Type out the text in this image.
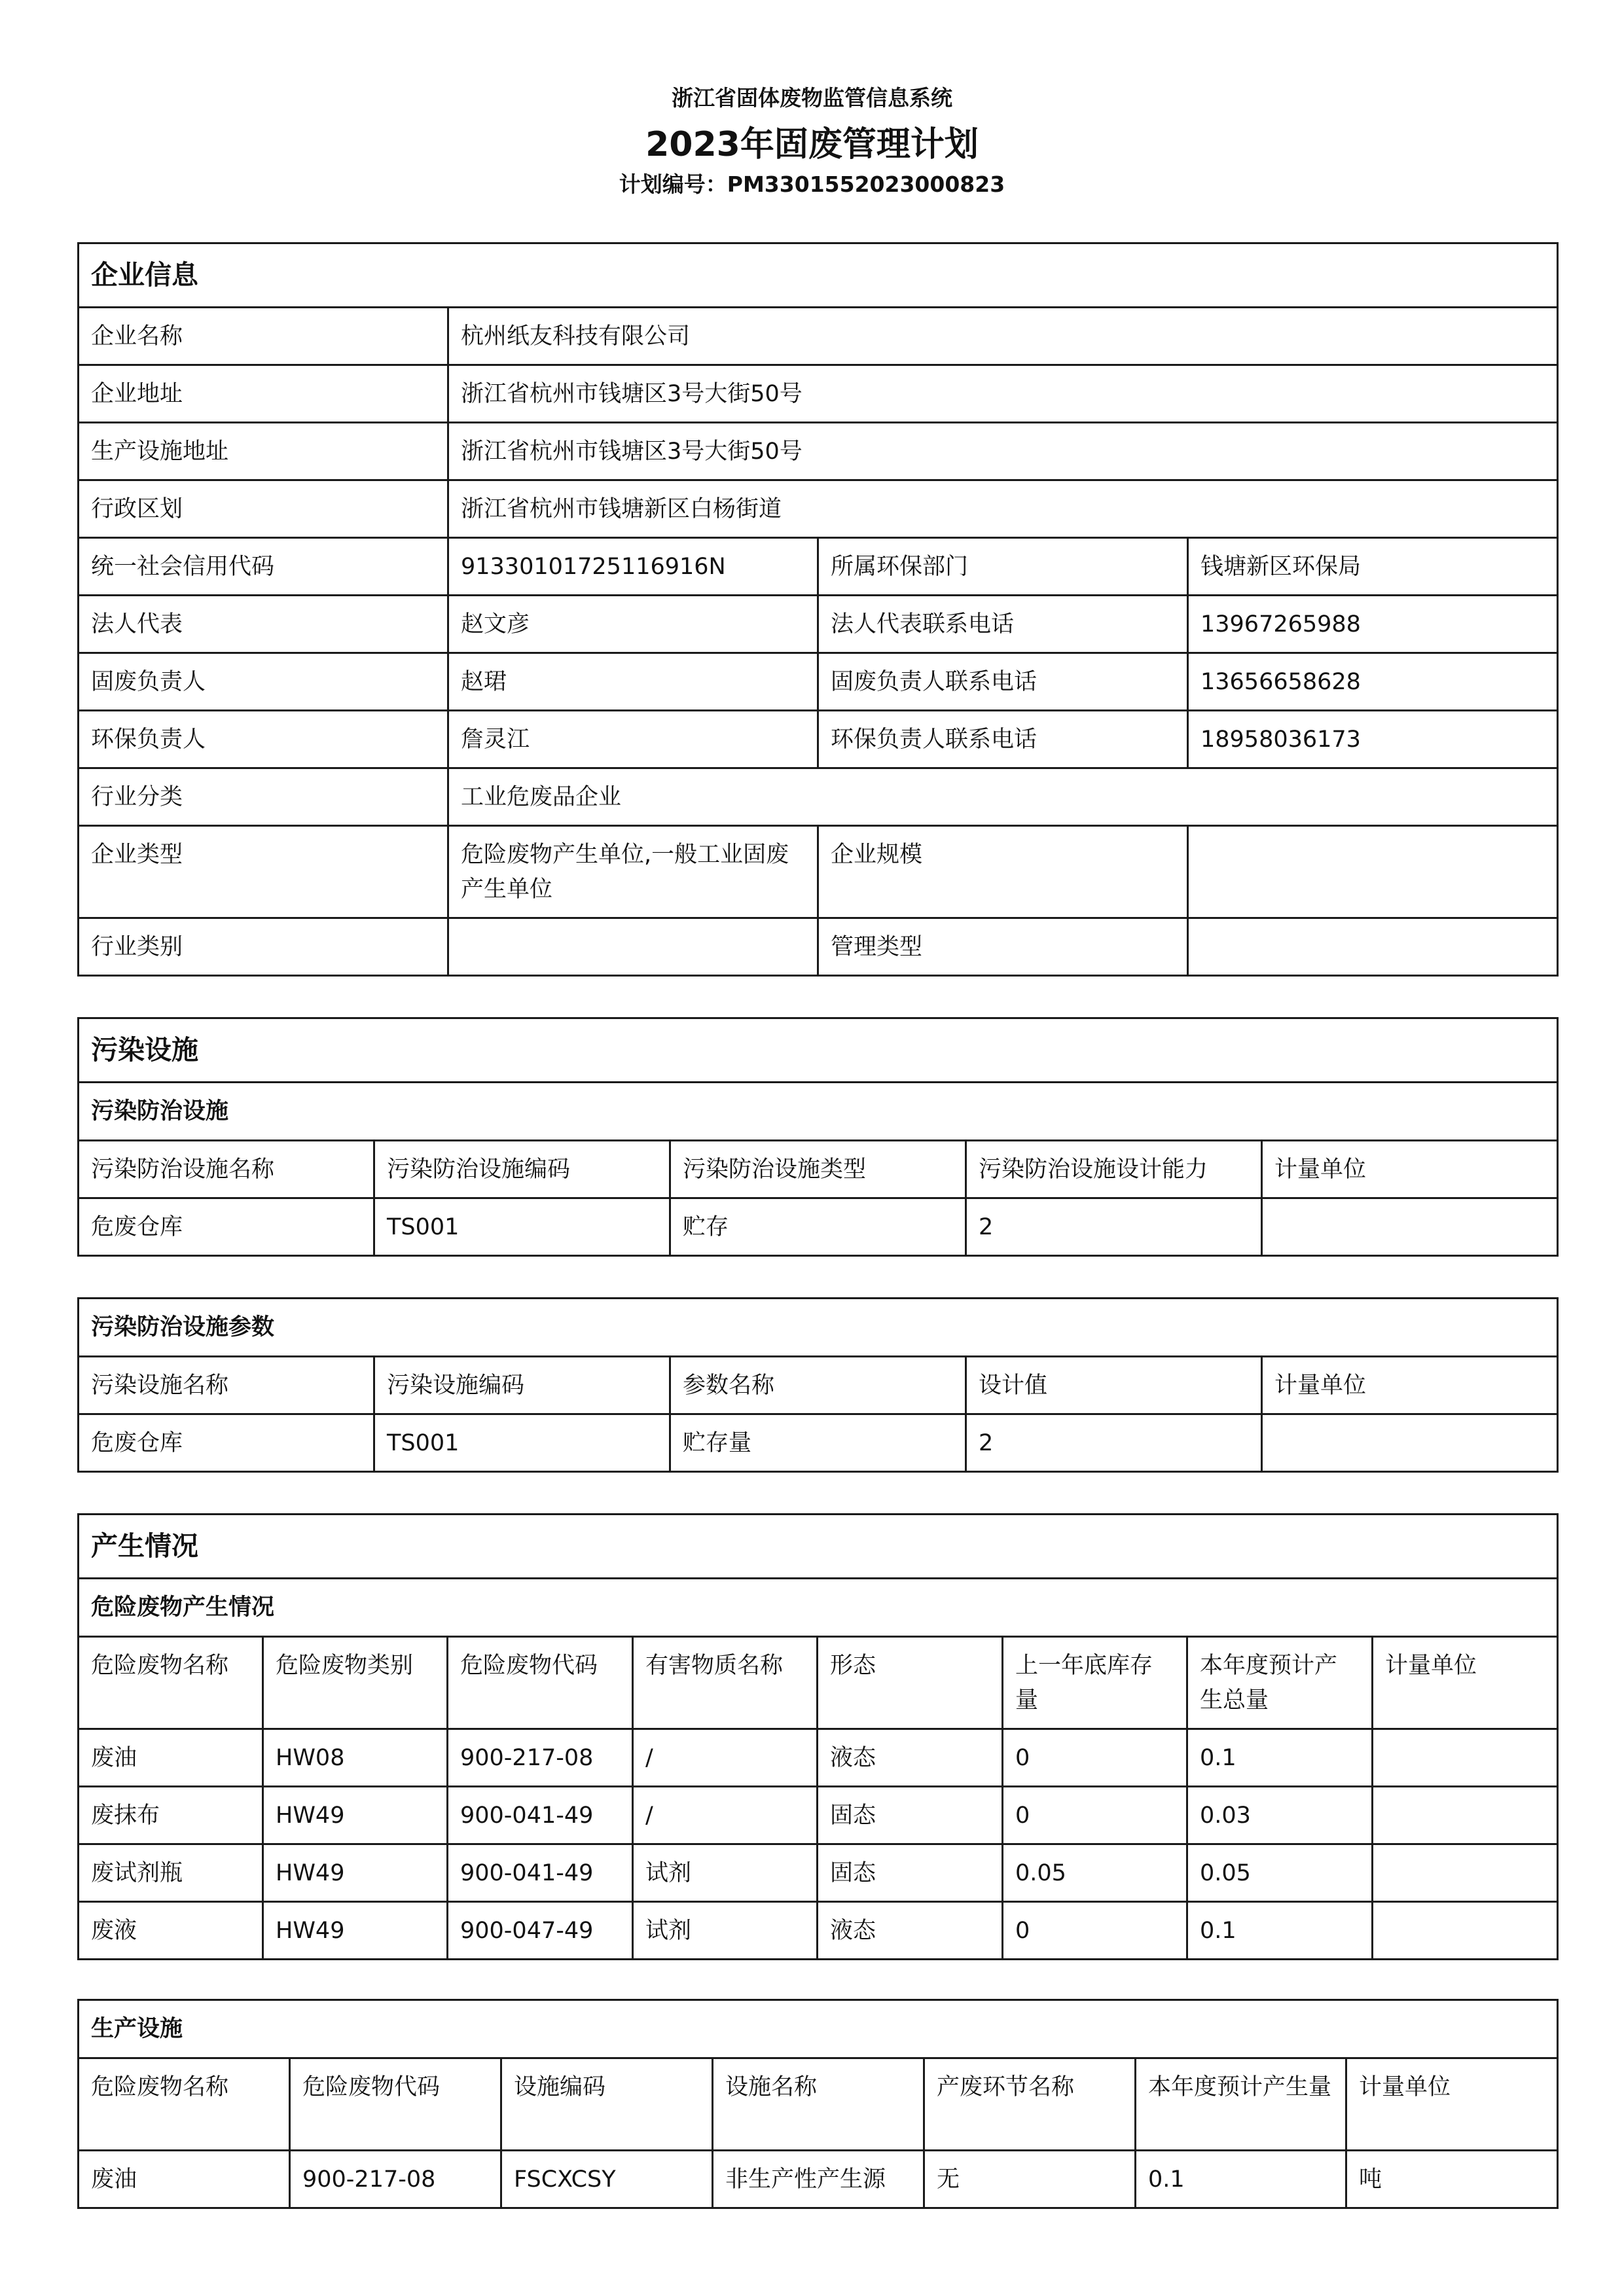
浙江省固体废物监管信息系统
2023年固废管理计划
计划编号：PM3301552023000823
企业信息			
企业名称	杭州纸友科技有限公司		
企业地址	浙江省杭州市钱塘区3号大街50号		
生产设施地址	浙江省杭州市钱塘区3号大街50号		
行政区划	浙江省杭州市钱塘新区白杨街道		
统一社会信用代码	91330101725116916N	所属环保部门	钱塘新区环保局
法人代表	赵文彦	法人代表联系电话	13967265988
固废负责人	赵珺	固废负责人联系电话	13656658628
环保负责人	詹灵江	环保负责人联系电话	18958036173
行业分类	工业危废品企业		
企业类型	危险废物产生单位,一般工业固废产生单位	企业规模	
行业类别		管理类型	
污染设施				
污染防治设施				
污染防治设施名称	污染防治设施编码	污染防治设施类型	污染防治设施设计能力	计量单位
危废仓库	TS001	贮存	2	
污染防治设施参数				
污染设施名称	污染设施编码	参数名称	设计值	计量单位
危废仓库	TS001	贮存量	2	
产生情况							
危险废物产生情况							
危险废物名称	危险废物类别	危险废物代码	有害物质名称	形态	上一年底库存量	本年度预计产生总量	计量单位
废油	HW08	900-217-08	/	液态	0	0.1	
废抹布	HW49	900-041-49	/	固态	0	0.03	
废试剂瓶	HW49	900-041-49	试剂	固态	0.05	0.05	
废液	HW49	900-047-49	试剂	液态	0	0.1	
生产设施						
危险废物名称	危险废物代码	设施编码	设施名称	产废环节名称	本年度预计产生量	计量单位
废油	900-217-08	FSCXCSY	非生产性产生源	无	0.1	吨
